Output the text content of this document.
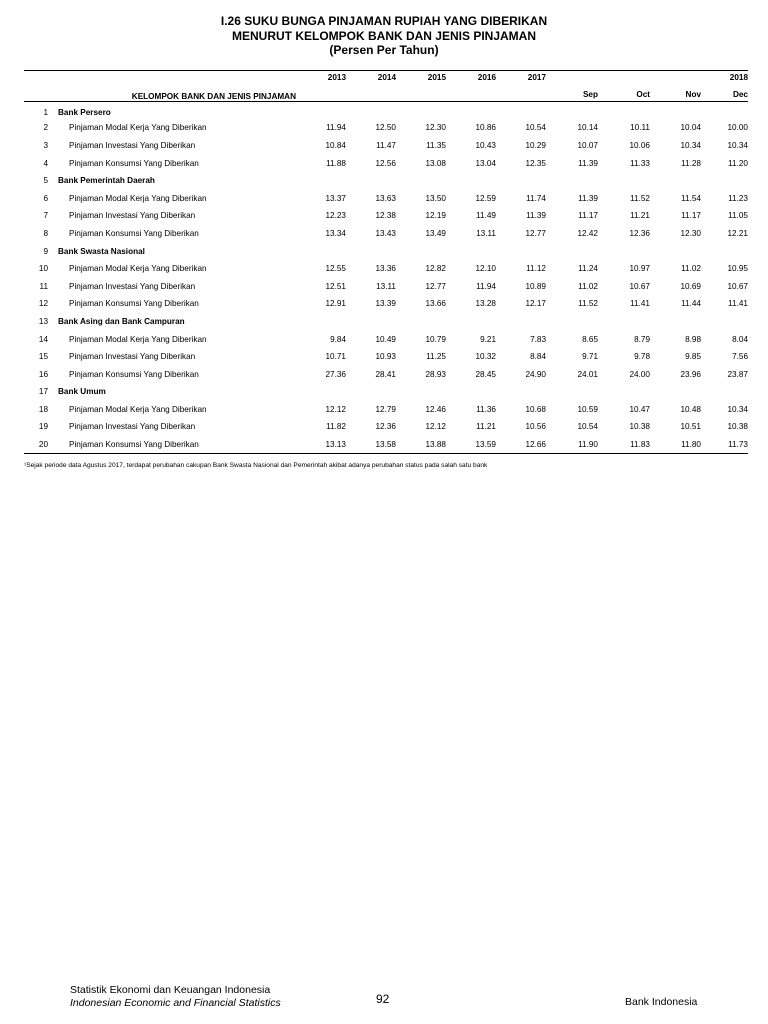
I.26 SUKU BUNGA PINJAMAN RUPIAH YANG DIBERIKAN
MENURUT KELOMPOK BANK DAN JENIS PINJAMAN
(Persen Per Tahun)
KELOMPOK BANK DAN JENIS PINJAMAN		2013	2014	2015	2016	2017				2018
							Sep	Oct	Nov	Dec
1	Bank Persero									
2	Pinjaman Modal Kerja Yang Diberikan	11.94	12.50	12.30	10.86	10.54	10.14	10.11	10.04	10.00
3	Pinjaman Investasi Yang Diberikan	10.84	11.47	11.35	10.43	10.29	10.07	10.06	10.34	10.34
4	Pinjaman Konsumsi Yang Diberikan	11.88	12.56	13.08	13.04	12.35	11.39	11.33	11.28	11.20
5	Bank Pemerintah Daerah									
6	Pinjaman Modal Kerja Yang Diberikan	13.37	13.63	13.50	12.59	11.74	11.39	11.52	11.54	11.23
7	Pinjaman Investasi Yang Diberikan	12.23	12.38	12.19	11.49	11.39	11.17	11.21	11.17	11.05
8	Pinjaman Konsumsi Yang Diberikan	13.34	13.43	13.49	13.11	12.77	12.42	12.36	12.30	12.21
9	Bank Swasta Nasional									
10	Pinjaman Modal Kerja Yang Diberikan	12.55	13.36	12.82	12.10	11.12	11.24	10.97	11.02	10.95
11	Pinjaman Investasi Yang Diberikan	12.51	13.11	12.77	11.94	10.89	11.02	10.67	10.69	10.67
12	Pinjaman Konsumsi Yang Diberikan	12.91	13.39	13.66	13.28	12.17	11.52	11.41	11.44	11.41
13	Bank Asing dan Bank Campuran									
14	Pinjaman Modal Kerja Yang Diberikan	9.84	10.49	10.79	9.21	7.83	8.65	8.79	8.98	8.04
15	Pinjaman Investasi Yang Diberikan	10.71	10.93	11.25	10.32	8.84	9.71	9.78	9.85	7.56
16	Pinjaman Konsumsi Yang Diberikan	27.36	28.41	28.93	28.45	24.90	24.01	24.00	23.96	23.87
17	Bank Umum									
18	Pinjaman Modal Kerja Yang Diberikan	12.12	12.79	12.46	11.36	10.68	10.59	10.47	10.48	10.34
19	Pinjaman Investasi Yang Diberikan	11.82	12.36	12.12	11.21	10.56	10.54	10.38	10.51	10.38
20	Pinjaman Konsumsi Yang Diberikan	13.13	13.58	13.88	13.59	12.66	11.90	11.83	11.80	11.73
¹Sejak periode data Agustus 2017, terdapat perubahan cakupan Bank Swasta Nasional dan Pemerintah akibat adanya perubahan status pada salah satu bank
Statistik Ekonomi dan Keuangan Indonesia
Indonesian Economic and Financial Statistics	92	Bank Indonesia
